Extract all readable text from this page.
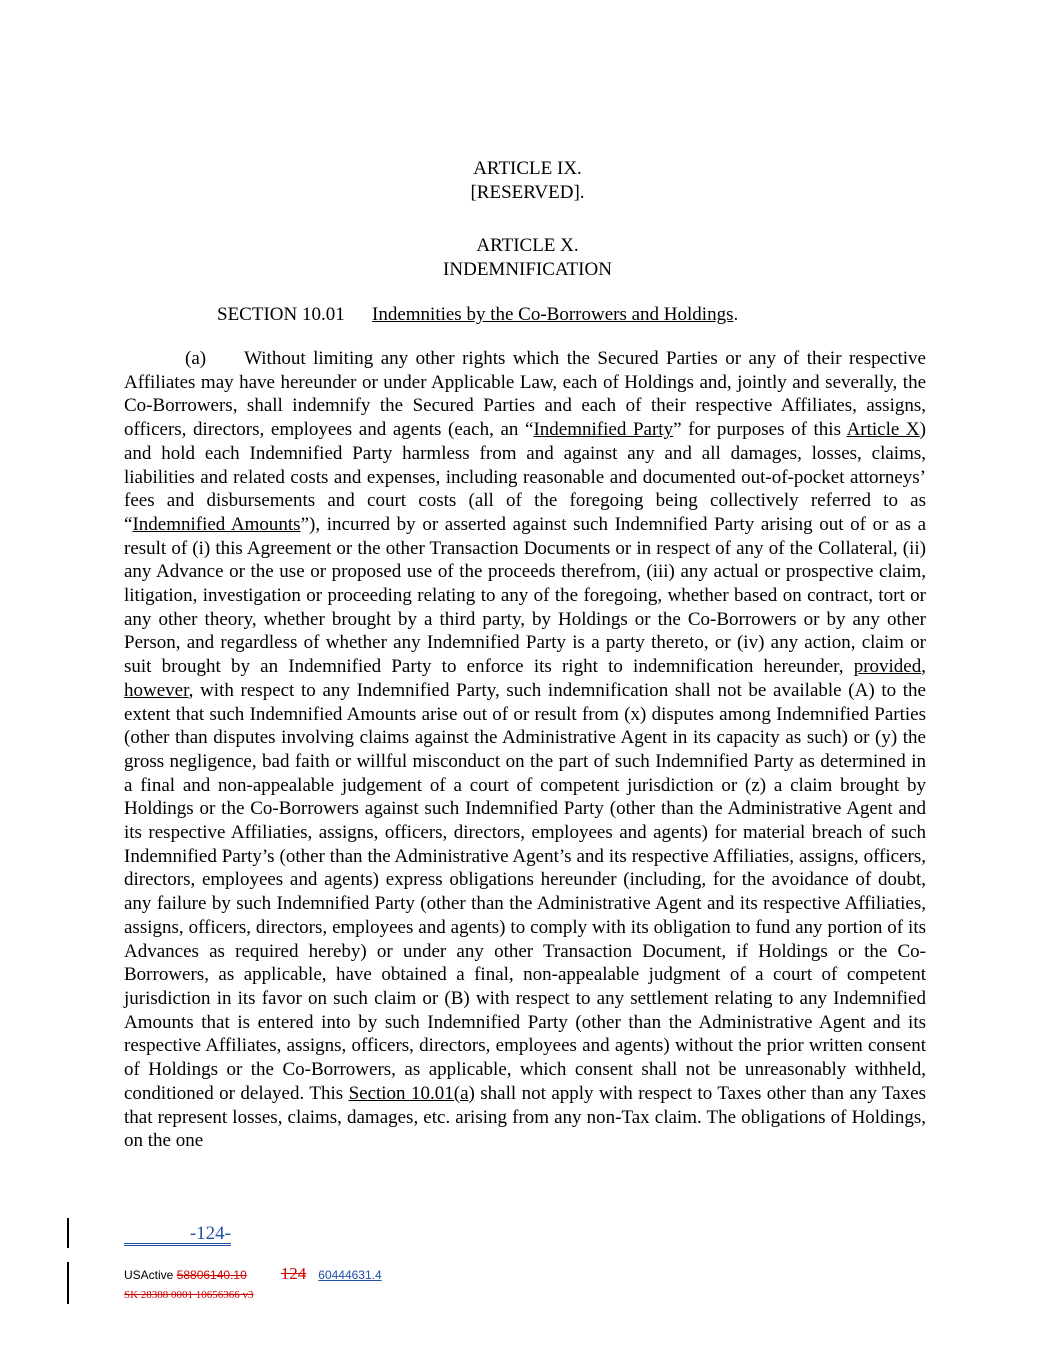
ARTICLE IX.
[RESERVED].
ARTICLE X.
INDEMNIFICATION
SECTION 10.01 Indemnities by the Co-Borrowers and Holdings.

(a) Without limiting any other rights which the Secured Parties or any of their respective Affiliates may have hereunder or under Applicable Law, each of Holdings and, jointly and severally, the Co-Borrowers, shall indemnify the Secured Parties and each of their respective Affiliates, assigns, officers, directors, employees and agents (each, an “Indemnified Party” for purposes of this Article X) and hold each Indemnified Party harmless from and against any and all damages, losses, claims, liabilities and related costs and expenses, including reasonable and documented out-of-pocket attorneys’ fees and disbursements and court costs (all of the foregoing being collectively referred to as “Indemnified Amounts”), incurred by or asserted against such Indemnified Party arising out of or as a result of (i) this Agreement or the other Transaction Documents or in respect of any of the Collateral, (ii) any Advance or the use or proposed use of the proceeds therefrom, (iii) any actual or prospective claim, litigation, investigation or proceeding relating to any of the foregoing, whether based on contract, tort or any other theory, whether brought by a third party, by Holdings or the Co-Borrowers or by any other Person, and regardless of whether any Indemnified Party is a party thereto, or (iv) any action, claim or suit brought by an Indemnified Party to enforce its right to indemnification hereunder, provided, however, with respect to any Indemnified Party, such indemnification shall not be available (A) to the extent that such Indemnified Amounts arise out of or result from (x) disputes among Indemnified Parties (other than disputes involving claims against the Administrative Agent in its capacity as such) or (y) the gross negligence, bad faith or willful misconduct on the part of such Indemnified Party as determined in a final and non-appealable judgement of a court of competent jurisdiction or (z) a claim brought by Holdings or the Co-Borrowers against such Indemnified Party (other than the Administrative Agent and its respective Affiliaties, assigns, officers, directors, employees and agents) for material breach of such Indemnified Party’s (other than the Administrative Agent’s and its respective Affiliaties, assigns, officers, directors, employees and agents) express obligations hereunder (including, for the avoidance of doubt, any failure by such Indemnified Party (other than the Administrative Agent and its respective Affiliaties, assigns, officers, directors, employees and agents) to comply with its obligation to fund any portion of its Advances as required hereby) or under any other Transaction Document, if Holdings or the Co-Borrowers, as applicable, have obtained a final, non-appealable judgment of a court of competent jurisdiction in its favor on such claim or (B) with respect to any settlement relating to any Indemnified Amounts that is entered into by such Indemnified Party (other than the Administrative Agent and its respective Affiliates, assigns, officers, directors, employees and agents) without the prior written consent of Holdings or the Co-Borrowers, as applicable, which consent shall not be unreasonably withheld, conditioned or delayed. This Section 10.01(a) shall not apply with respect to Taxes other than any Taxes that represent losses, claims, damages, etc. arising from any non-Tax claim. The obligations of Holdings, on the one

-124-
USActive 58806140.10 124 60444631.4
SK 28388 0001 10656366 v3
